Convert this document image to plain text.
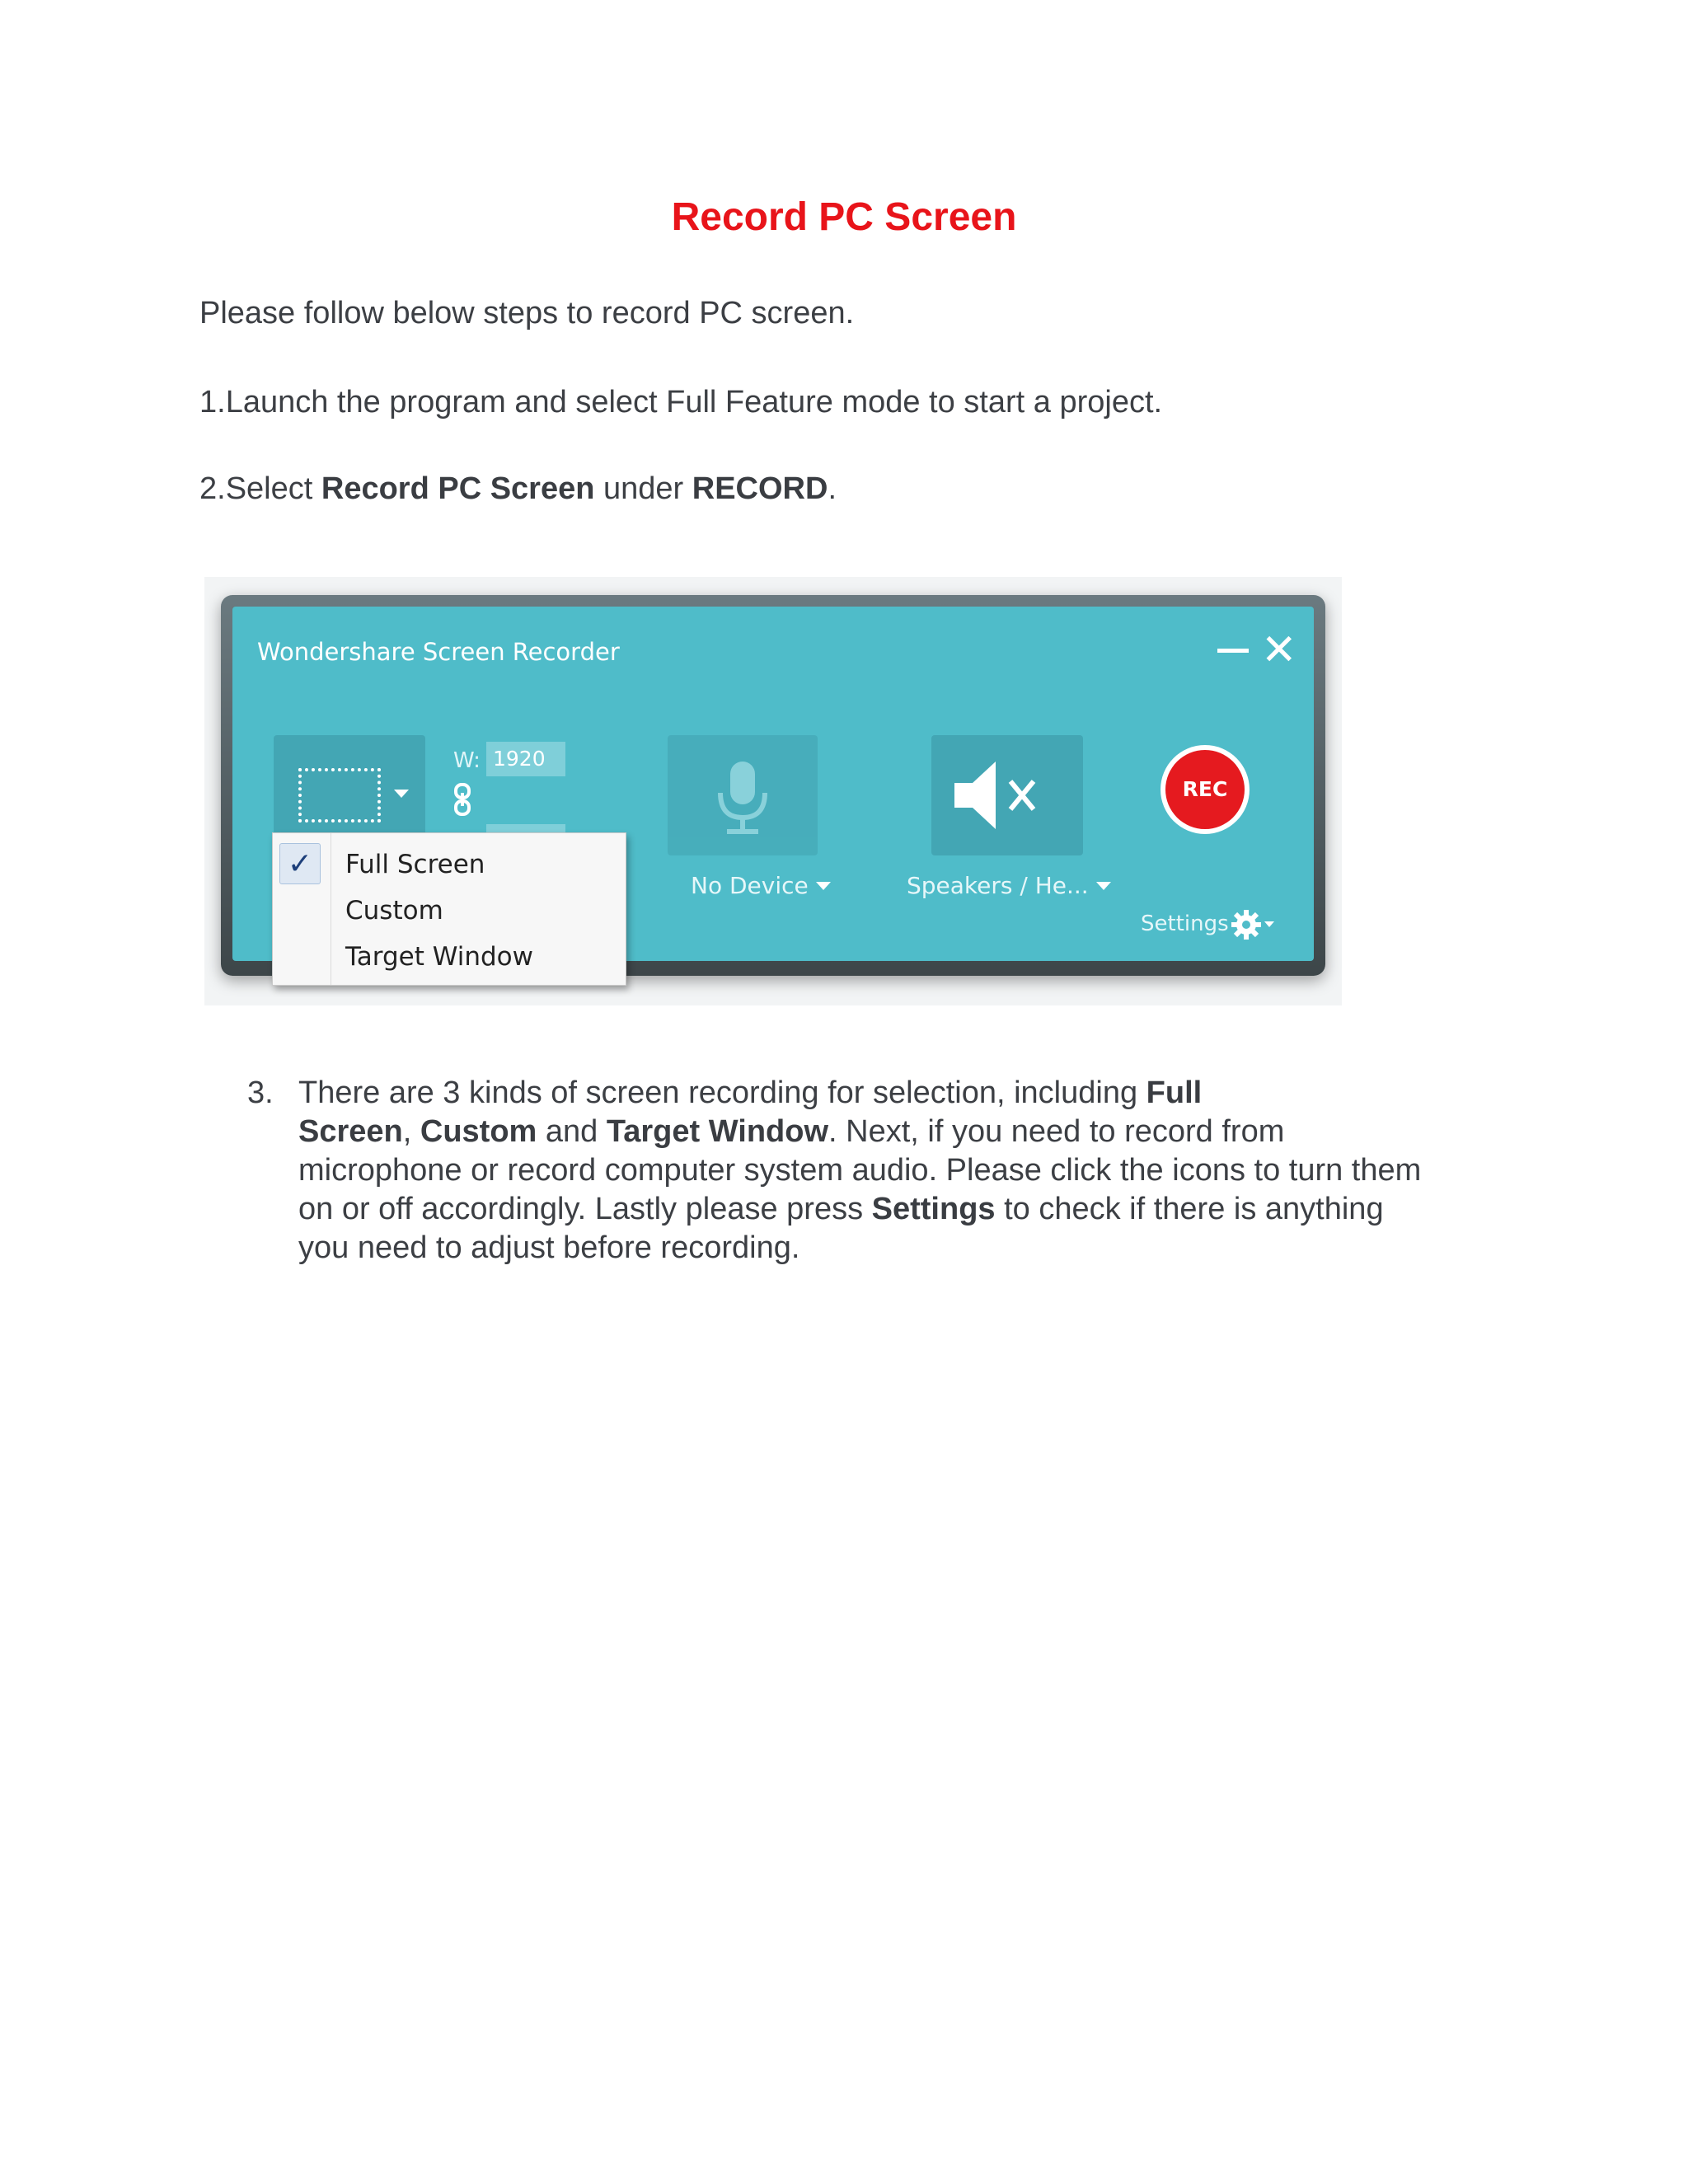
Record PC Screen

Please follow below steps to record PC screen.

1.Launch the program and select Full Feature mode to start a project.

2.Select Record PC Screen under RECORD.

Wondershare Screen Recorder	✕
W: 1920
No Device	Speakers / He...
REC
Settings
✓	Full Screen
Custom
Target Window
3. There are 3 kinds of screen recording for selection, including Full
Screen, Custom and Target Window. Next, if you need to record from
microphone or record computer system audio. Please click the icons to turn them
on or off accordingly. Lastly please press Settings to check if there is anything
you need to adjust before recording.
